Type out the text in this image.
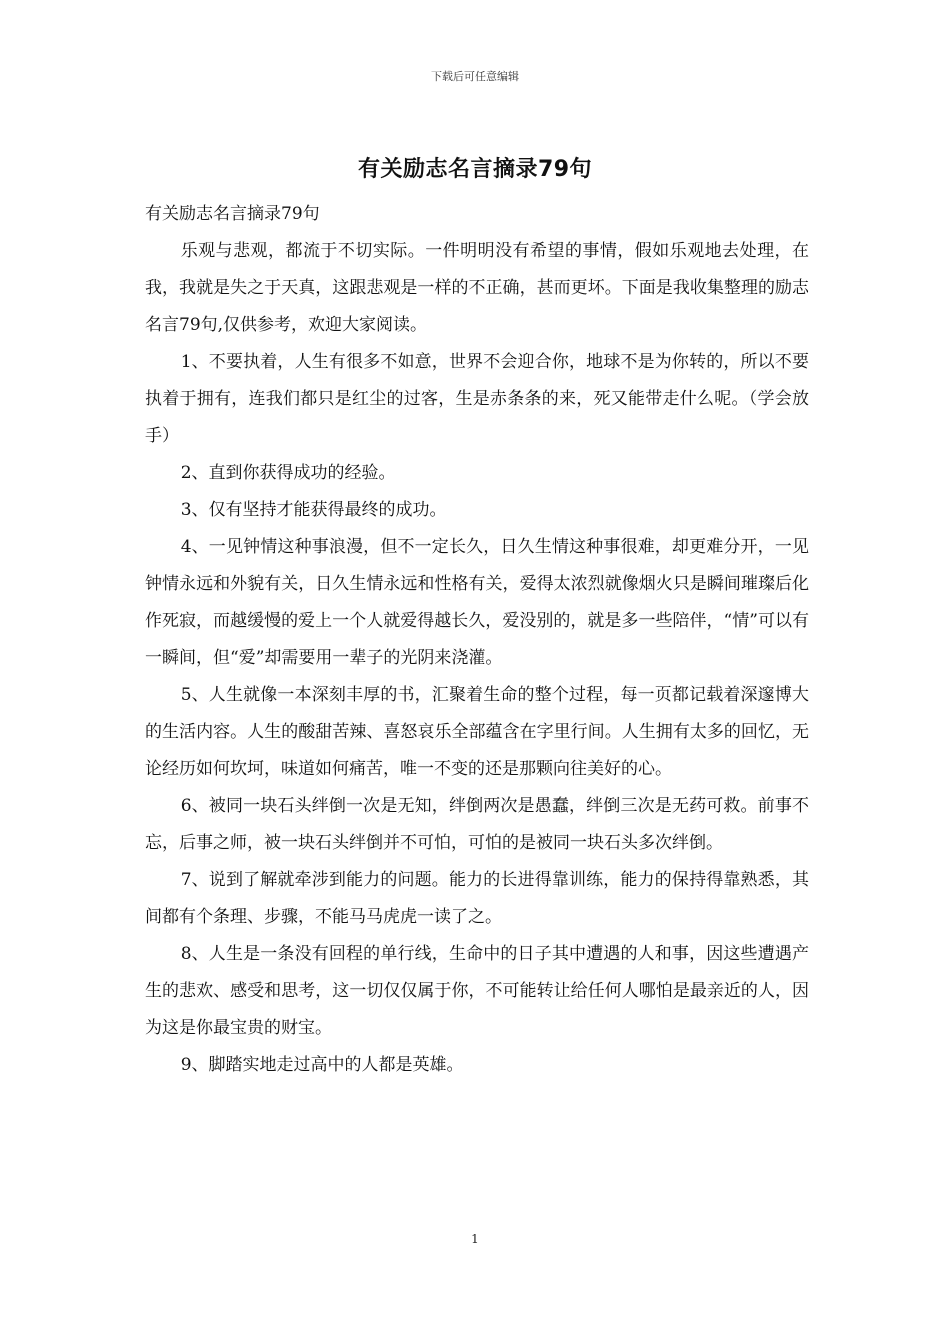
下载后可任意编辑
有关励志名言摘录79句

有关励志名言摘录79句

乐观与悲观，都流于不切实际。一件明明没有希望的事情，假如乐观地去处理，在我，我就是失之于天真，这跟悲观是一样的不正确，甚而更坏。下面是我收集整理的励志名言79句,仅供参考，欢迎大家阅读。

1、不要执着，人生有很多不如意，世界不会迎合你，地球不是为你转的，所以不要执着于拥有，连我们都只是红尘的过客，生是赤条条的来，死又能带走什么呢。（学会放手）

2、直到你获得成功的经验。

3、仅有坚持才能获得最终的成功。

4、一见钟情这种事浪漫，但不一定长久，日久生情这种事很难，却更难分开，一见钟情永远和外貌有关，日久生情永远和性格有关，爱得太浓烈就像烟火只是瞬间璀璨后化作死寂，而越缓慢的爱上一个人就爱得越长久，爱没别的，就是多一些陪伴，“情”可以有一瞬间，但“爱”却需要用一辈子的光阴来浇灌。

5、人生就像一本深刻丰厚的书，汇聚着生命的整个过程，每一页都记载着深邃博大的生活内容。人生的酸甜苦辣、喜怒哀乐全部蕴含在字里行间。人生拥有太多的回忆，无论经历如何坎坷，味道如何痛苦，唯一不变的还是那颗向往美好的心。

6、被同一块石头绊倒一次是无知，绊倒两次是愚蠢，绊倒三次是无药可救。前事不忘，后事之师，被一块石头绊倒并不可怕，可怕的是被同一块石头多次绊倒。

7、说到了解就牵涉到能力的问题。能力的长进得靠训练，能力的保持得靠熟悉，其间都有个条理、步骤，不能马马虎虎一读了之。

8、人生是一条没有回程的单行线，生命中的日子其中遭遇的人和事，因这些遭遇产生的悲欢、感受和思考，这一切仅仅属于你，不可能转让给任何人哪怕是最亲近的人，因为这是你最宝贵的财宝。

9、脚踏实地走过高中的人都是英雄。

1
